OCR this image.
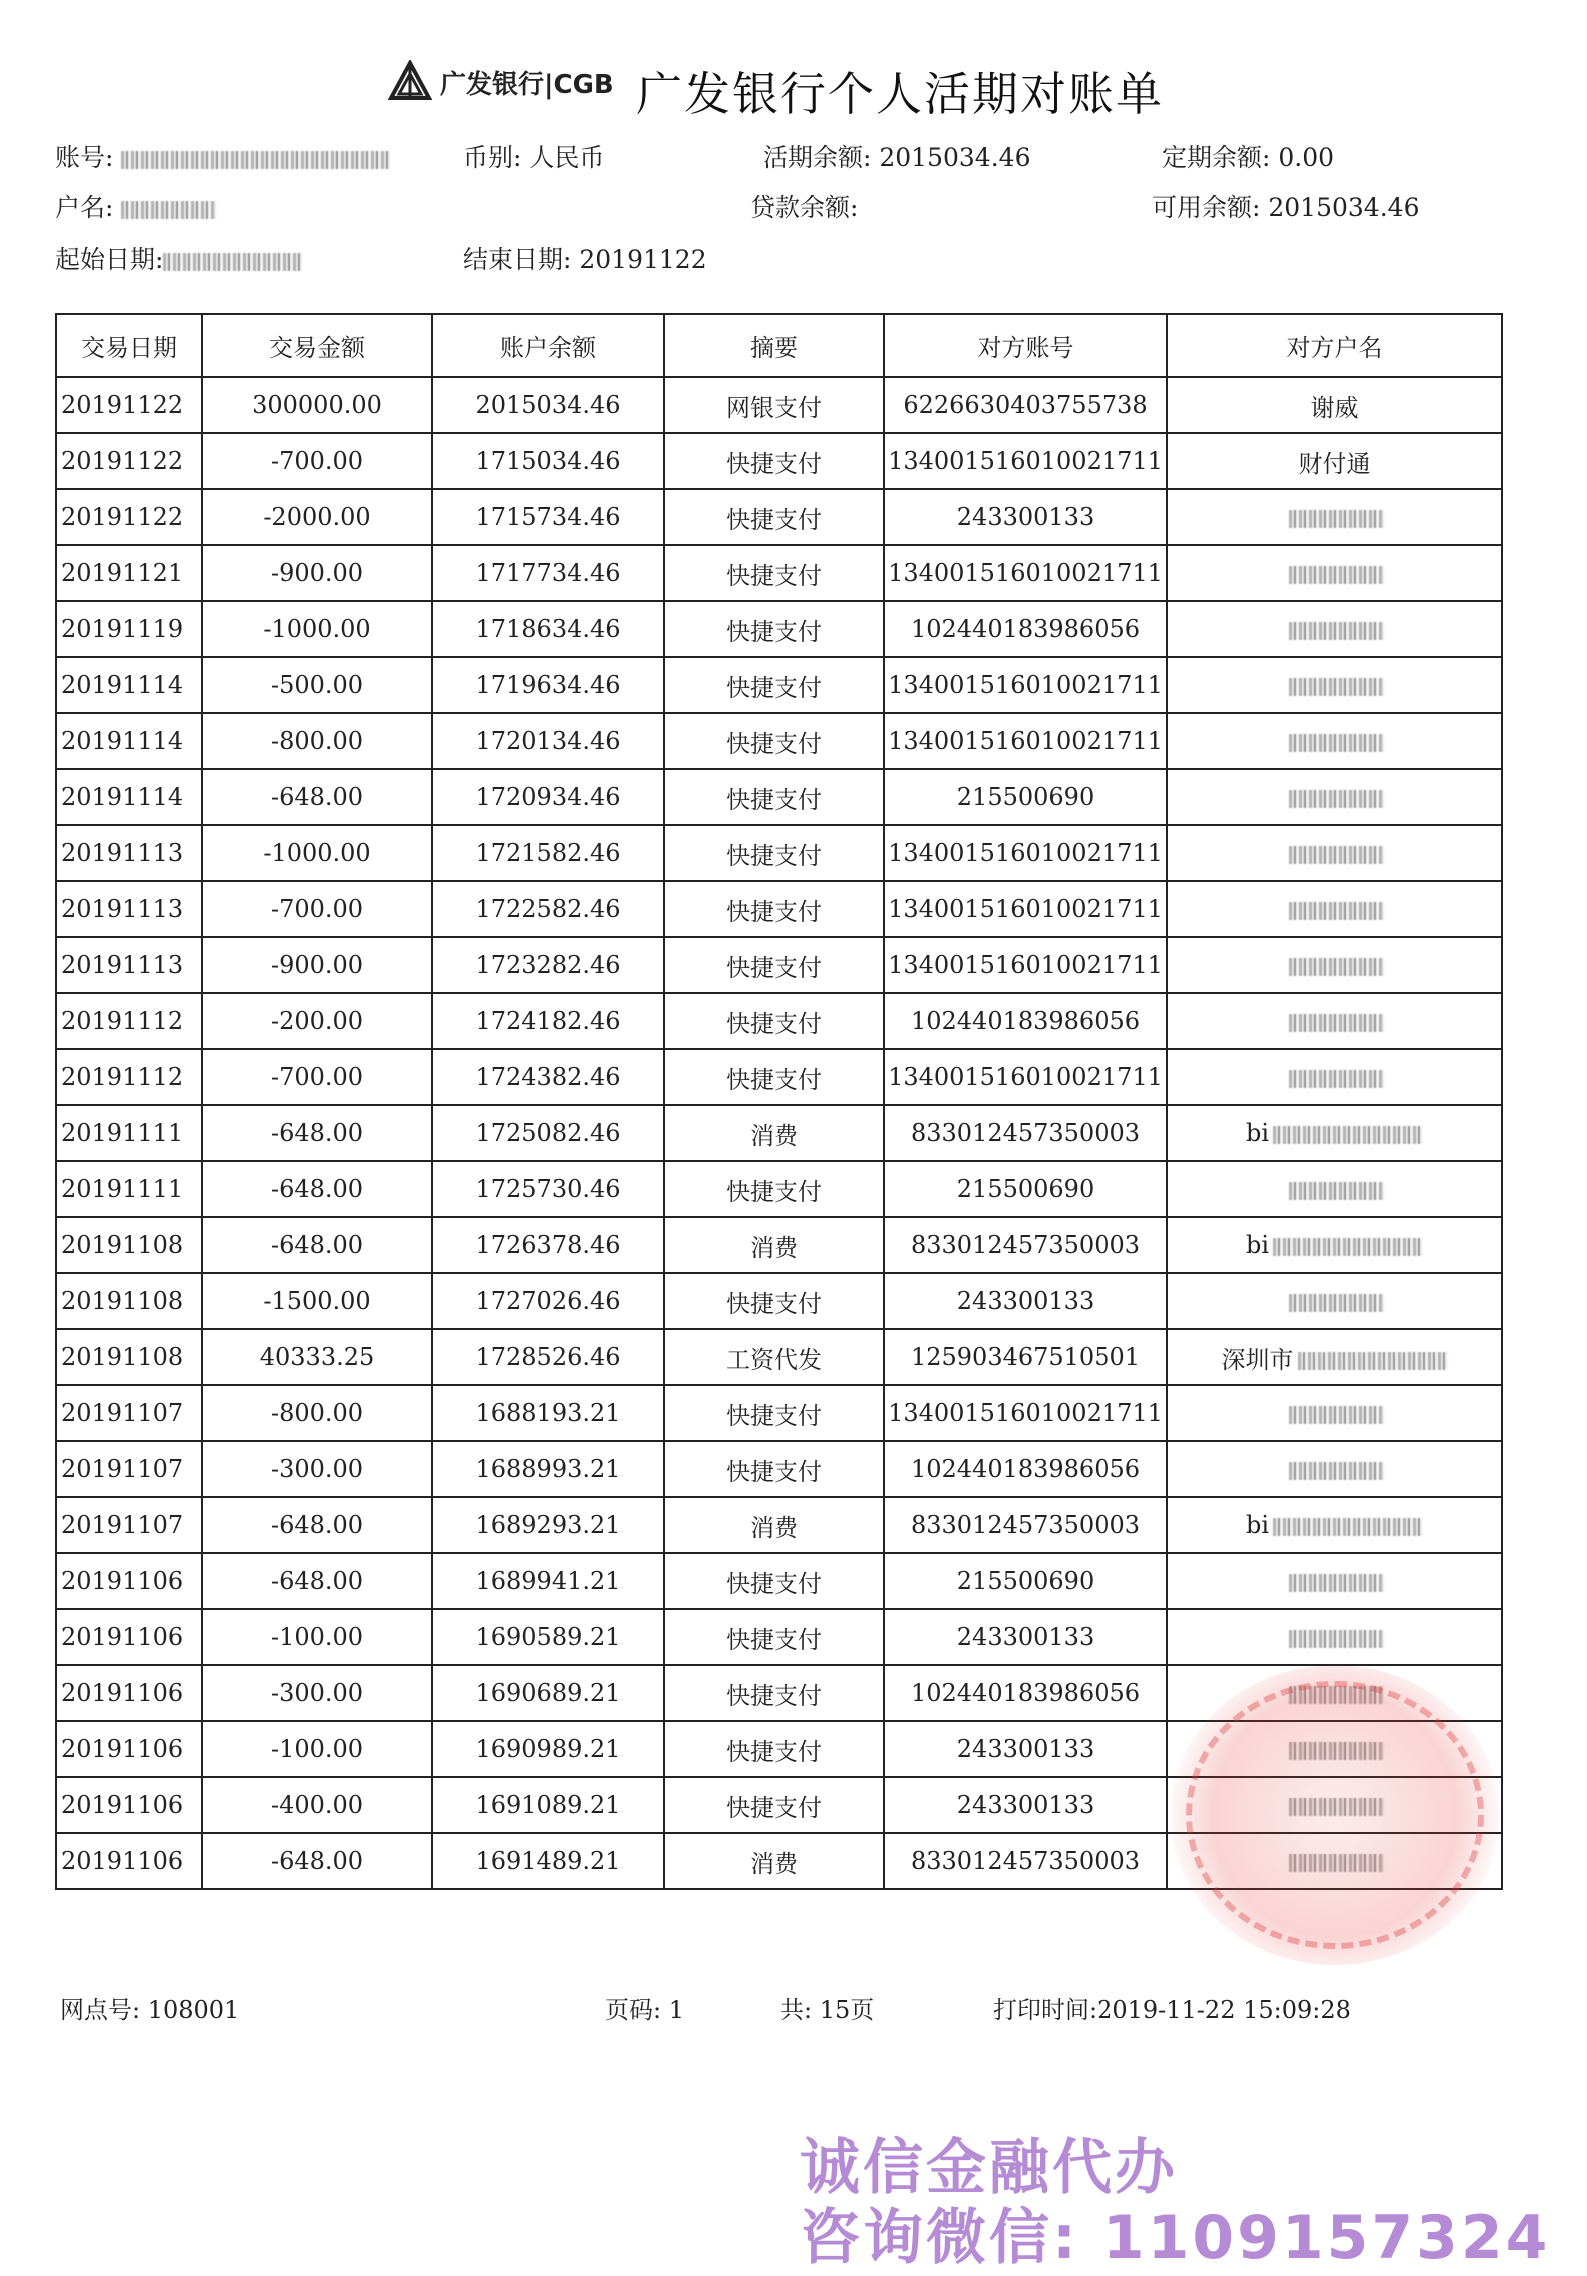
广发银行|CGB 广发银行个人活期对账单
账号:	币别: 人民币	活期余额: 2015034.46	定期余额: 0.00
户名:	贷款余额:	可用余额: 2015034.46
起始日期:	结束日期: 20191122
交易日期	交易金额	账户余额	摘要	对方账号	对方户名
20191122	300000.00	2015034.46	网银支付	6226630403755738	谢威
20191122	-700.00	1715034.46	快捷支付	134001516010021711	财付通
20191122	-2000.00	1715734.46	快捷支付	243300133	
20191121	-900.00	1717734.46	快捷支付	134001516010021711	
20191119	-1000.00	1718634.46	快捷支付	102440183986056	
20191114	-500.00	1719634.46	快捷支付	134001516010021711	
20191114	-800.00	1720134.46	快捷支付	134001516010021711	
20191114	-648.00	1720934.46	快捷支付	215500690	
20191113	-1000.00	1721582.46	快捷支付	134001516010021711	
20191113	-700.00	1722582.46	快捷支付	134001516010021711	
20191113	-900.00	1723282.46	快捷支付	134001516010021711	
20191112	-200.00	1724182.46	快捷支付	102440183986056	
20191112	-700.00	1724382.46	快捷支付	134001516010021711	
20191111	-648.00	1725082.46	消费	833012457350003	bi
20191111	-648.00	1725730.46	快捷支付	215500690	
20191108	-648.00	1726378.46	消费	833012457350003	bi
20191108	-1500.00	1727026.46	快捷支付	243300133	
20191108	40333.25	1728526.46	工资代发	125903467510501	深圳市
20191107	-800.00	1688193.21	快捷支付	134001516010021711	
20191107	-300.00	1688993.21	快捷支付	102440183986056	
20191107	-648.00	1689293.21	消费	833012457350003	bi
20191106	-648.00	1689941.21	快捷支付	215500690	
20191106	-100.00	1690589.21	快捷支付	243300133	
20191106	-300.00	1690689.21	快捷支付	102440183986056	
20191106	-100.00	1690989.21	快捷支付	243300133	
20191106	-400.00	1691089.21	快捷支付	243300133	
20191106	-648.00	1691489.21	消费	833012457350003	
网点号: 108001	页码: 1	共: 15页	打印时间:2019-11-22 15:09:28
诚信金融代办
咨询微信: 1109157324
